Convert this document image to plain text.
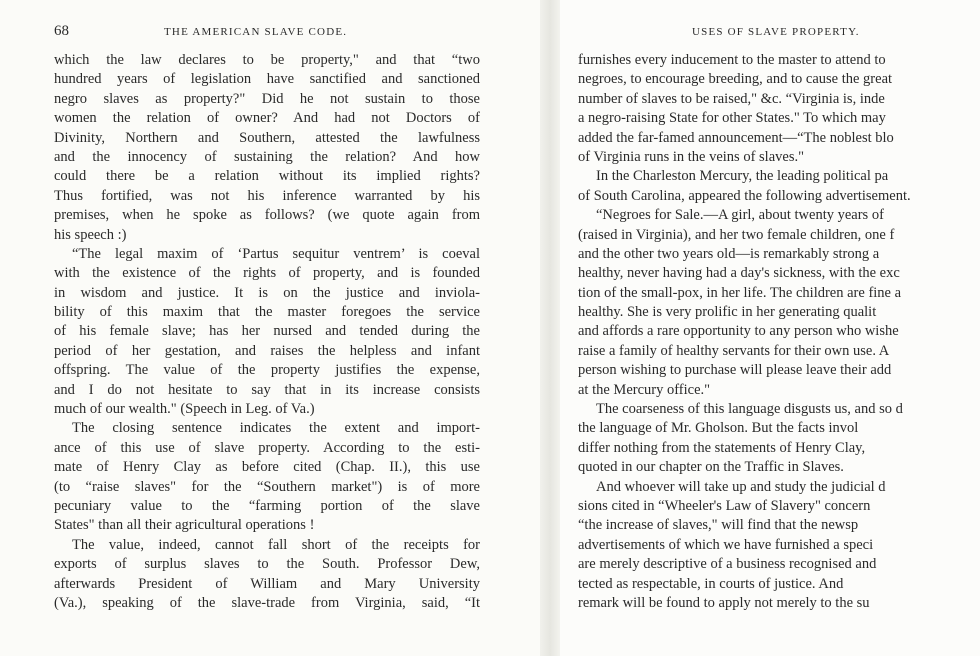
68	THE AMERICAN SLAVE CODE.
which the law declares to be property," and that “two
hundred years of legislation have sanctified and sanctioned
negro slaves as property?" Did he not sustain to those
women the relation of owner? And had not Doctors of
Divinity, Northern and Southern, attested the lawfulness
and the innocency of sustaining the relation? And how
could there be a relation without its implied rights?
Thus fortified, was not his inference warranted by his
premises, when he spoke as follows? (we quote again from
his speech :)
“The legal maxim of ‘Partus sequitur ventrem’ is coeval
with the existence of the rights of property, and is founded
in wisdom and justice. It is on the justice and inviola-
bility of this maxim that the master foregoes the service
of his female slave; has her nursed and tended during the
period of her gestation, and raises the helpless and infant
offspring. The value of the property justifies the expense,
and I do not hesitate to say that in its increase consists
much of our wealth." (Speech in Leg. of Va.)
The closing sentence indicates the extent and import-
ance of this use of slave property. According to the esti-
mate of Henry Clay as before cited (Chap. II.), this use
(to “raise slaves" for the “Southern market") is of more
pecuniary value to the “farming portion of the slave
States" than all their agricultural operations !
The value, indeed, cannot fall short of the receipts for
exports of surplus slaves to the South. Professor Dew,
afterwards President of William and Mary University
(Va.), speaking of the slave-trade from Virginia, said, “It
USES OF SLAVE PROPERTY.
furnishes every inducement to the master to attend to
negroes, to encourage breeding, and to cause the great
number of slaves to be raised," &c. “Virginia is, inde
a negro-raising State for other States." To which may
added the far-famed announcement—“The noblest blo
of Virginia runs in the veins of slaves."
In the Charleston Mercury, the leading political pa
of South Carolina, appeared the following advertisement.
“Negroes for Sale.—A girl, about twenty years of
(raised in Virginia), and her two female children, one f
and the other two years old—is remarkably strong a
healthy, never having had a day's sickness, with the exc
tion of the small-pox, in her life. The children are fine a
healthy. She is very prolific in her generating qualit
and affords a rare opportunity to any person who wishe
raise a family of healthy servants for their own use. A
person wishing to purchase will please leave their add
at the Mercury office."
The coarseness of this language disgusts us, and so d
the language of Mr. Gholson. But the facts invol
differ nothing from the statements of Henry Clay,
quoted in our chapter on the Traffic in Slaves.
And whoever will take up and study the judicial d
sions cited in “Wheeler's Law of Slavery" concern
“the increase of slaves," will find that the newsp
advertisements of which we have furnished a speci
are merely descriptive of a business recognised and
tected as respectable, in courts of justice. And
remark will be found to apply not merely to the su
